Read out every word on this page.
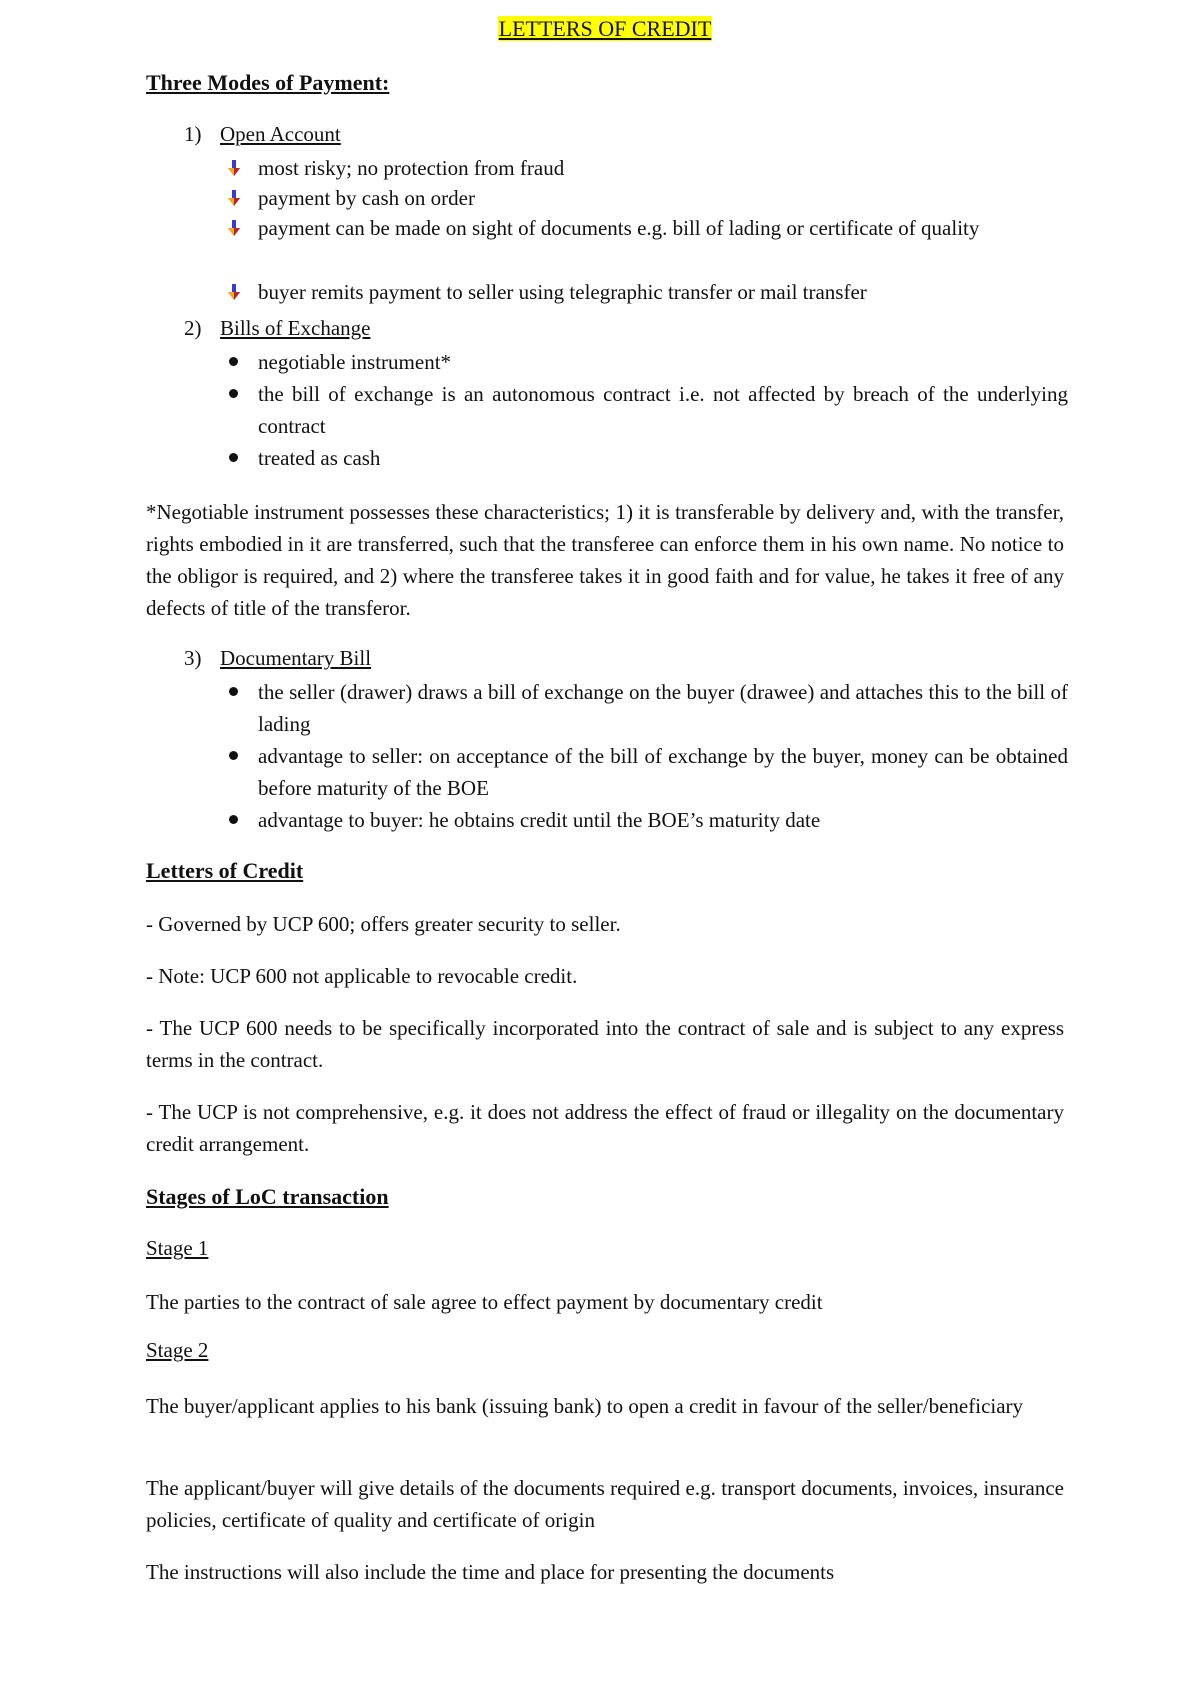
LETTERS OF CREDIT
Three Modes of Payment:
1) Open Account
most risky; no protection from fraud
payment by cash on order
payment can be made on sight of documents e.g. bill of lading or certificate of quality
buyer remits payment to seller using telegraphic transfer or mail transfer
2) Bills of Exchange
negotiable instrument*
the bill of exchange is an autonomous contract i.e. not affected by breach of the underlying contract
treated as cash
*Negotiable instrument possesses these characteristics; 1) it is transferable by delivery and, with the transfer, rights embodied in it are transferred, such that the transferee can enforce them in his own name. No notice to the obligor is required, and 2) where the transferee takes it in good faith and for value, he takes it free of any defects of title of the transferor.
3) Documentary Bill
the seller (drawer) draws a bill of exchange on the buyer (drawee) and attaches this to the bill of lading
advantage to seller: on acceptance of the bill of exchange by the buyer, money can be obtained before maturity of the BOE
advantage to buyer: he obtains credit until the BOE’s maturity date
Letters of Credit
- Governed by UCP 600; offers greater security to seller.
- Note: UCP 600 not applicable to revocable credit.
- The UCP 600 needs to be specifically incorporated into the contract of sale and is subject to any express terms in the contract.
- The UCP is not comprehensive, e.g. it does not address the effect of fraud or illegality on the documentary credit arrangement.
Stages of LoC transaction
Stage 1
The parties to the contract of sale agree to effect payment by documentary credit
Stage 2
The buyer/applicant applies to his bank (issuing bank) to open a credit in favour of the seller/beneficiary
The applicant/buyer will give details of the documents required e.g. transport documents, invoices, insurance policies, certificate of quality and certificate of origin
The instructions will also include the time and place for presenting the documents
